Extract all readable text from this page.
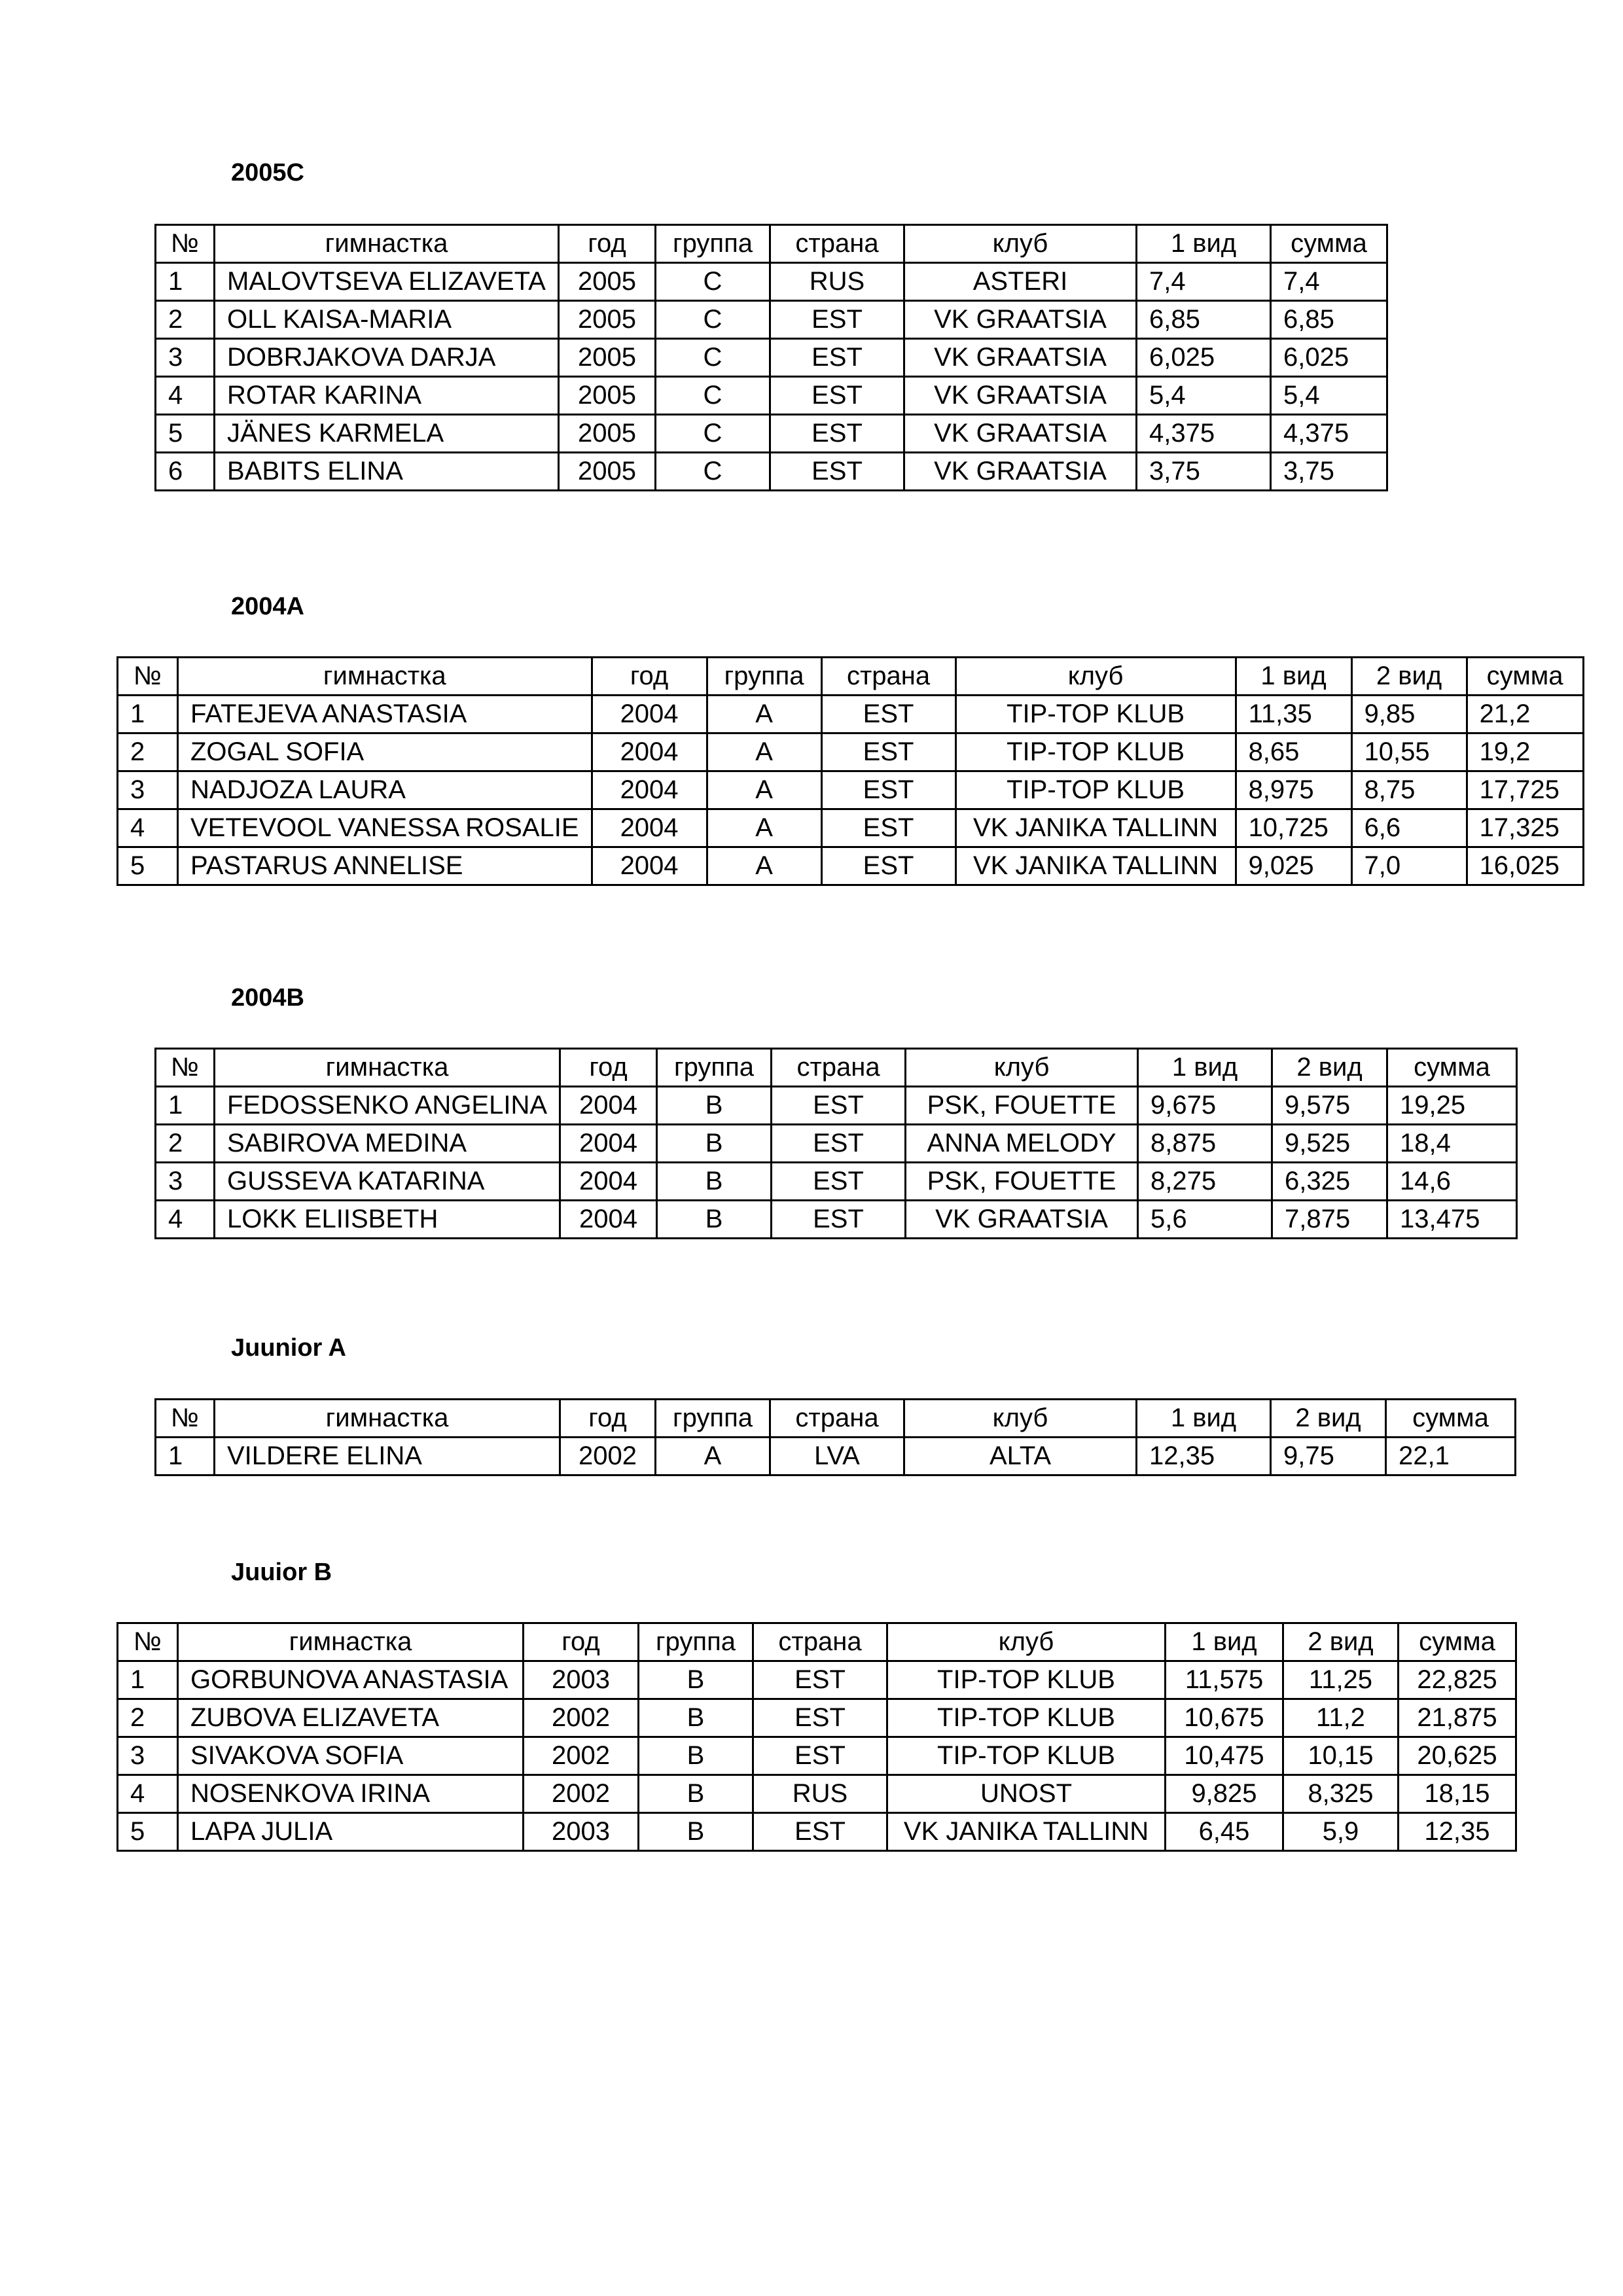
2005C
№	гимнастка	год	группа	страна	клуб	1 вид	сумма
1	MALOVTSEVA ELIZAVETA	2005	C	RUS	ASTERI	7,4	7,4
2	OLL KAISA-MARIA	2005	C	EST	VK GRAATSIA	6,85	6,85
3	DOBRJAKOVA DARJA	2005	C	EST	VK GRAATSIA	6,025	6,025
4	ROTAR KARINA	2005	C	EST	VK GRAATSIA	5,4	5,4
5	JÄNES KARMELA	2005	C	EST	VK GRAATSIA	4,375	4,375
6	BABITS ELINA	2005	C	EST	VK GRAATSIA	3,75	3,75
2004A
№	гимнастка	год	группа	страна	клуб	1 вид	2 вид	сумма
1	FATEJEVA ANASTASIA	2004	A	EST	TIP-TOP KLUB	11,35	9,85	21,2
2	ZOGAL SOFIA	2004	A	EST	TIP-TOP KLUB	8,65	10,55	19,2
3	NADJOZA LAURA	2004	A	EST	TIP-TOP KLUB	8,975	8,75	17,725
4	VETEVOOL VANESSA ROSALIE	2004	A	EST	VK JANIKA TALLINN	10,725	6,6	17,325
5	PASTARUS ANNELISE	2004	A	EST	VK JANIKA TALLINN	9,025	7,0	16,025
2004B
№	гимнастка	год	группа	страна	клуб	1 вид	2 вид	сумма
1	FEDOSSENKO ANGELINA	2004	B	EST	PSK, FOUETTE	9,675	9,575	19,25
2	SABIROVA MEDINA	2004	B	EST	ANNA MELODY	8,875	9,525	18,4
3	GUSSEVA KATARINA	2004	B	EST	PSK, FOUETTE	8,275	6,325	14,6
4	LOKK ELIISBETH	2004	B	EST	VK GRAATSIA	5,6	7,875	13,475
Juunior A
№	гимнастка	год	группа	страна	клуб	1 вид	2 вид	сумма
1	VILDERE ELINA	2002	A	LVA	ALTA	12,35	9,75	22,1
Juuior B
№	гимнастка	год	группа	страна	клуб	1 вид	2 вид	сумма
1	GORBUNOVA ANASTASIA	2003	B	EST	TIP-TOP KLUB	11,575	11,25	22,825
2	ZUBOVA ELIZAVETA	2002	B	EST	TIP-TOP KLUB	10,675	11,2	21,875
3	SIVAKOVA SOFIA	2002	B	EST	TIP-TOP KLUB	10,475	10,15	20,625
4	NOSENKOVA IRINA	2002	B	RUS	UNOST	9,825	8,325	18,15
5	LAPA JULIA	2003	B	EST	VK JANIKA TALLINN	6,45	5,9	12,35
